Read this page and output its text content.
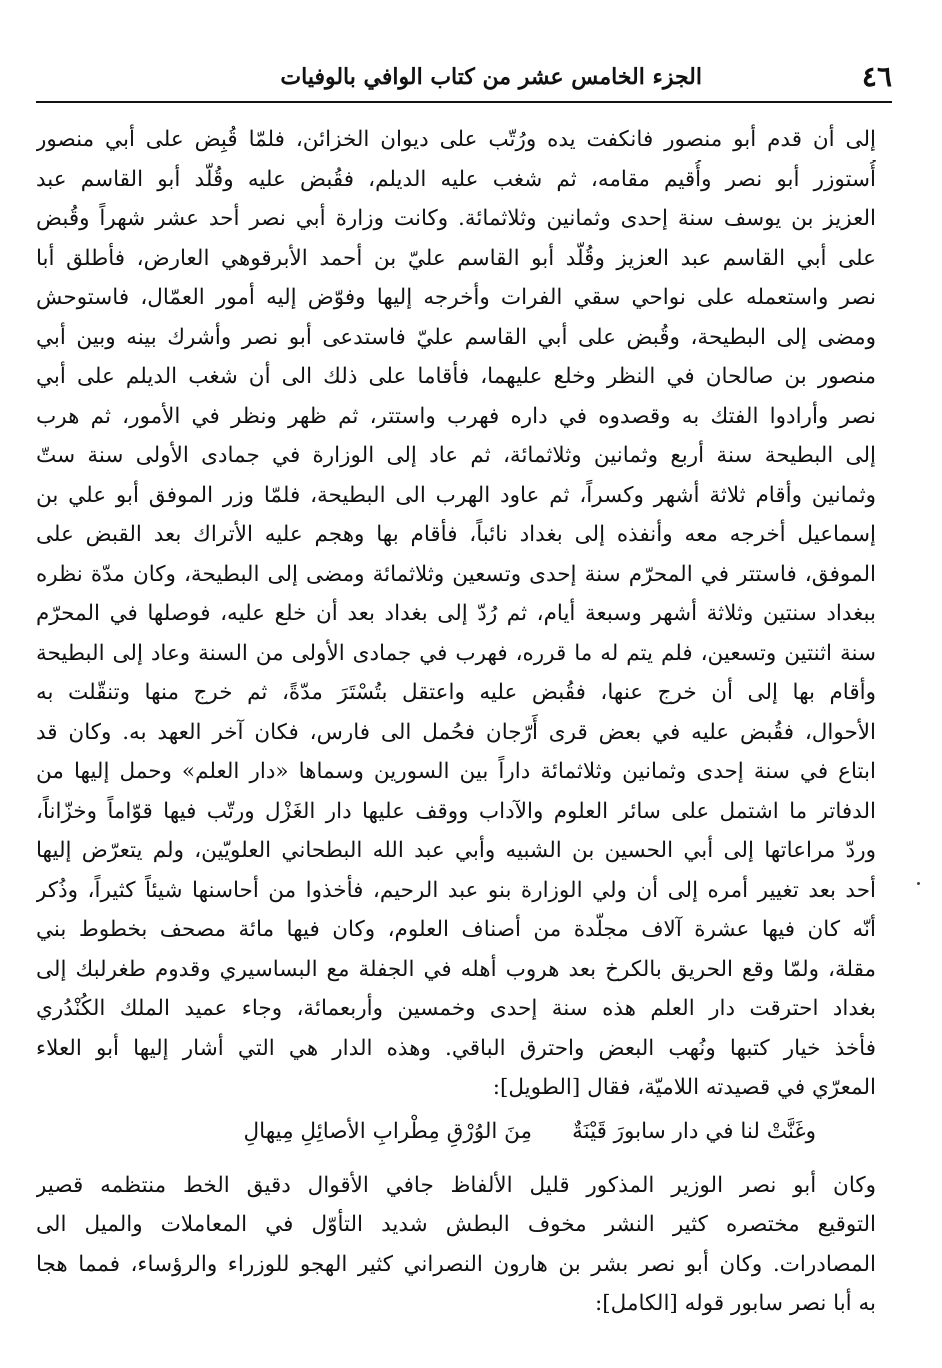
٤٦
الجزء الخامس عشر من كتاب الوافي بالوفيات
إلى أن قدم أبو منصور فانكفت يده ورُتّب على ديوان الخزائن، فلمّا قُبِض على أبي منصور
أُستوزر أبو نصر وأُقيم مقامه، ثم شغب عليه الديلم، فقُبض عليه وقُلّد أبو القاسم عبد
العزيز بن يوسف سنة إحدى وثمانين وثلاثمائة. وكانت وزارة أبي نصر أحد عشر شهراً وقُبض
على أبي القاسم عبد العزيز وقُلّد أبو القاسم عليّ بن أحمد الأبرقوهي العارض، فأطلق أبا
نصر واستعمله على نواحي سقي الفرات وأخرجه إليها وفوّض إليه أمور العمّال، فاستوحش
ومضى إلى البطيحة، وقُبض على أبي القاسم عليّ فاستدعى أبو نصر وأشرك بينه وبين أبي
منصور بن صالحان في النظر وخلع عليهما، فأقاما على ذلك الى أن شغب الديلم على أبي
نصر وأرادوا الفتك به وقصدوه في داره فهرب واستتر، ثم ظهر ونظر في الأمور، ثم هرب
إلى البطيحة سنة أربع وثمانين وثلاثمائة، ثم عاد إلى الوزارة في جمادى الأولى سنة ستّ
وثمانين وأقام ثلاثة أشهر وكسراً، ثم عاود الهرب الى البطيحة، فلمّا وزر الموفق أبو علي بن
إسماعيل أخرجه معه وأنفذه إلى بغداد نائباً، فأقام بها وهجم عليه الأتراك بعد القبض على
الموفق، فاستتر في المحرّم سنة إحدى وتسعين وثلاثمائة ومضى إلى البطيحة، وكان مدّة نظره
ببغداد سنتين وثلاثة أشهر وسبعة أيام، ثم رُدّ إلى بغداد بعد أن خلع عليه، فوصلها في المحرّم
سنة اثنتين وتسعين، فلم يتم له ما قرره، فهرب في جمادى الأولى من السنة وعاد إلى البطيحة
وأقام بها إلى أن خرج عنها، فقُبض عليه واعتقل بتُسْتَرَ مدّةً، ثم خرج منها وتنقّلت به
الأحوال، فقُبض عليه في بعض قرى أَرّجان فحُمل الى فارس، فكان آخر العهد به. وكان قد
ابتاع في سنة إحدى وثمانين وثلاثمائة داراً بين السورين وسماها «دار العلم» وحمل إليها من
الدفاتر ما اشتمل على سائر العلوم والآداب ووقف عليها دار الغَزْل ورتّب فيها قوّاماً وخزّاناً،
وردّ مراعاتها إلى أبي الحسين بن الشبيه وأبي عبد الله البطحاني العلويّين، ولم يتعرّض إليها
أحد بعد تغيير أمره إلى أن ولي الوزارة بنو عبد الرحيم، فأخذوا من أحاسنها شيئاً كثيراً، وذُكر
أنّه كان فيها عشرة آلاف مجلّدة من أصناف العلوم، وكان فيها مائة مصحف بخطوط بني
مقلة، ولمّا وقع الحريق بالكرخ بعد هروب أهله في الجفلة مع البساسيري وقدوم طغرلبك إلى
بغداد احترقت دار العلم هذه سنة إحدى وخمسين وأربعمائة، وجاء عميد الملك الكُنْدُري
فأخذ خيار كتبها ونُهب البعض واحترق الباقي. وهذه الدار هي التي أشار إليها أبو العلاء
المعرّي في قصيدته اللاميّة، فقال [الطويل]:
وغَنَّتْ لنا في دار سابورَ قَيْنَةٌ
مِنَ الوُرْقِ مِطْرابِ الأصائِلِ مِيهالِ
وكان أبو نصر الوزير المذكور قليل الألفاظ جافي الأقوال دقيق الخط منتظمه قصير
التوقيع مختصره كثير النشر مخوف البطش شديد التأوّل في المعاملات والميل الى
المصادرات. وكان أبو نصر بشر بن هارون النصراني كثير الهجو للوزراء والرؤساء، فمما هجا
به أبا نصر سابور قوله [الكامل]:
